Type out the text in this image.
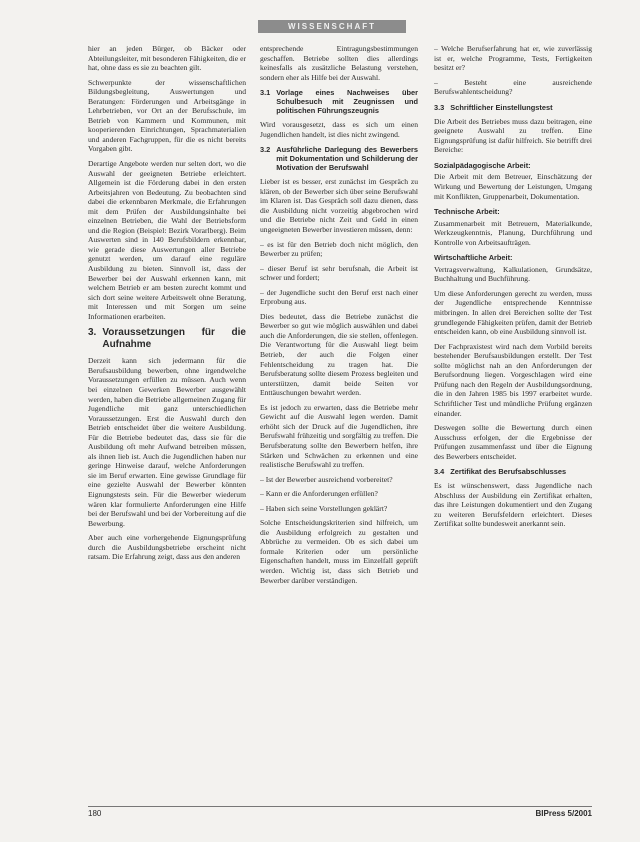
WISSENSCHAFT

hier an jeden Bürger, ob Bäcker oder Abteilungsleiter, mit besonderen Fähigkeiten, die er hat, ohne dass es sie zu beachten gilt.

Schwerpunkte der wissenschaftlichen Bildungsbegleitung, Auswertungen und Beratungen: Förderungen und Arbeitsgänge in Lehrbetrieben, vor Ort an der Berufsschule, im Betrieb von Kammern und Kommunen, mit kooperierenden Einrichtungen, Sprachmaterialien und anderen Fachgruppen, für die es nicht bereits Vorgaben gibt.

Derartige Angebote werden nur selten dort, wo die Auswahl der geeigneten Betriebe erleichtert. Allgemein ist die Förderung dabei in den ersten Arbeitsjahren von Bedeutung. Zu beobachten sind dabei die erkennbaren Merkmale, die Erfahrungen mit dem Prüfen der Ausbildungsinhalte bei einzelnen Betrieben, die Wahl der Betriebsform und die Region (Beispiel: Bezirk Vorarlberg). Beim Auswerten sind in 140 Berufsbildern erkennbar, wie gerade diese Auswertungen aller Betriebe genutzt werden, um darauf eine reguläre Ausbildung zu bieten. Sinnvoll ist, dass der Bewerber bei der Auswahl erkennen kann, mit welchem Betrieb er am besten zurecht kommt und sich dort seine weitere Arbeitswelt ohne Beratung, mit Interessen und mit Sorgen um seine Informationen erarbeiten.

3. Voraussetzungen für die Aufnahme

Derzeit kann sich jedermann für die Berufsausbildung bewerben, ohne irgendwelche Voraussetzungen erfüllen zu müssen. Auch wenn bei einzelnen Gewerken Bewerber ausgewählt werden, haben die Betriebe allgemeinen Zugang für Jugendliche mit ganz unterschiedlichen Voraussetzungen. Erst die Auswahl durch den Betrieb entscheidet über die weitere Ausbildung. Für die Betriebe bedeutet das, dass sie für die Ausbildung oft mehr Aufwand betreiben müssen, als ihnen lieb ist. Auch die Jugendlichen haben nur geringe Hinweise darauf, welche Anforderungen sie im Beruf erwarten. Eine gewisse Grundlage für eine gezielte Auswahl der Bewerber könnten Eignungstests sein. Für die Bewerber wiederum wären klar formulierte Anforderungen eine Hilfe bei der Berufswahl und bei der Vorbereitung auf die Bewerbung.

Aber auch eine vorhergehende Eignungsprüfung durch die Ausbildungsbetriebe erscheint nicht ratsam. Die Erfahrung zeigt, dass aus den anderen

entsprechende Eintragungsbestimmungen geschaffen. Betriebe sollten dies allerdings keinesfalls als zusätzliche Belastung verstehen, sondern eher als Hilfe bei der Auswahl.

3.1 Vorlage eines Nachweises über Schulbesuch mit Zeugnissen und politischen Führungszeugnis

Wird vorausgesetzt, dass es sich um einen Jugendlichen handelt, ist dies nicht zwingend.

3.2 Ausführliche Darlegung des Bewerbers mit Dokumentation und Schilderung der Motivation der Berufswahl

Lieber ist es besser, erst zunächst im Gespräch zu klären, ob der Bewerber sich über seine Berufswahl im Klaren ist. Das Gespräch soll dazu dienen, dass die Ausbildung nicht vorzeitig abgebrochen wird und die Betriebe nicht Zeit und Geld in einen ungeeigneten Bewerber investieren müssen, denn:

– es ist für den Betrieb doch nicht möglich, den Bewerber zu prüfen;

– dieser Beruf ist sehr berufsnah, die Arbeit ist schwer und fordert;

– der Jugendliche sucht den Beruf erst nach einer Erprobung aus.

Dies bedeutet, dass die Betriebe zunächst die Bewerber so gut wie möglich auswählen und dabei auch die Anforderungen, die sie stellen, offenlegen. Die Verantwortung für die Auswahl liegt beim Betrieb, der auch die Folgen einer Fehlentscheidung zu tragen hat. Die Berufsberatung sollte diesem Prozess begleiten und unterstützen, damit beide Seiten vor Enttäuschungen bewahrt werden.

Es ist jedoch zu erwarten, dass die Betriebe mehr Gewicht auf die Auswahl legen werden. Damit erhöht sich der Druck auf die Jugendlichen, ihre Berufswahl frühzeitig und sorgfältig zu treffen. Die Berufsberatung sollte den Bewerbern helfen, ihre Stärken und Schwächen zu erkennen und eine realistische Berufswahl zu treffen.

– Ist der Bewerber ausreichend vorbereitet?

– Kann er die Anforderungen erfüllen?

– Haben sich seine Vorstellungen geklärt?

Solche Entscheidungskriterien sind hilfreich, um die Ausbildung erfolgreich zu gestalten und Abbrüche zu vermeiden. Ob es sich dabei um formale Kriterien oder um persönliche Eigenschaften handelt, muss im Einzelfall geprüft werden. Wichtig ist, dass sich Betrieb und Bewerber darüber verständigen.

– Welche Berufserfahrung hat er, wie zuverlässig ist er, welche Programme, Tests, Fertigkeiten besitzt er?

– Besteht eine ausreichende Berufswahlentscheidung?

3.3 Schriftlicher Einstellungstest

Die Arbeit des Betriebes muss dazu beitragen, eine geeignete Auswahl zu treffen. Eine Eignungsprüfung ist dafür hilfreich. Sie betrifft drei Bereiche:

Sozialpädagogische Arbeit:

Die Arbeit mit dem Betreuer, Einschätzung der Wirkung und Bewertung der Leistungen, Umgang mit Konflikten, Gruppenarbeit, Dokumentation.

Technische Arbeit:

Zusammenarbeit mit Betreuern, Materialkunde, Werkzeugkenntnis, Planung, Durchführung und Kontrolle von Arbeitsaufträgen.

Wirtschaftliche Arbeit:

Vertragsverwaltung, Kalkulationen, Grundsätze, Buchhaltung und Buchführung.

Um diese Anforderungen gerecht zu werden, muss der Jugendliche entsprechende Kenntnisse mitbringen. In allen drei Bereichen sollte der Test grundlegende Fähigkeiten prüfen, damit der Betrieb entscheiden kann, ob eine Ausbildung sinnvoll ist.

Der Fachpraxistest wird nach dem Vorbild bereits bestehender Berufsausbildungen erstellt. Der Test sollte möglichst nah an den Anforderungen der Berufsordnung liegen. Vorgeschlagen wird eine Prüfung nach den Regeln der Ausbildungsordnung, die in den Jahren 1985 bis 1997 erarbeitet wurde. Schriftlicher Test und mündliche Prüfung ergänzen einander.

Deswegen sollte die Bewertung durch einen Ausschuss erfolgen, der die Ergebnisse der Prüfungen zusammenfasst und über die Eignung des Bewerbers entscheidet.

3.4 Zertifikat des Berufsabschlusses

Es ist wünschenswert, dass Jugendliche nach Abschluss der Ausbildung ein Zertifikat erhalten, das ihre Leistungen dokumentiert und den Zugang zu weiteren Berufsfeldern erleichtert. Dieses Zertifikat sollte bundesweit anerkannt sein.

180	BIPress 5/2001
